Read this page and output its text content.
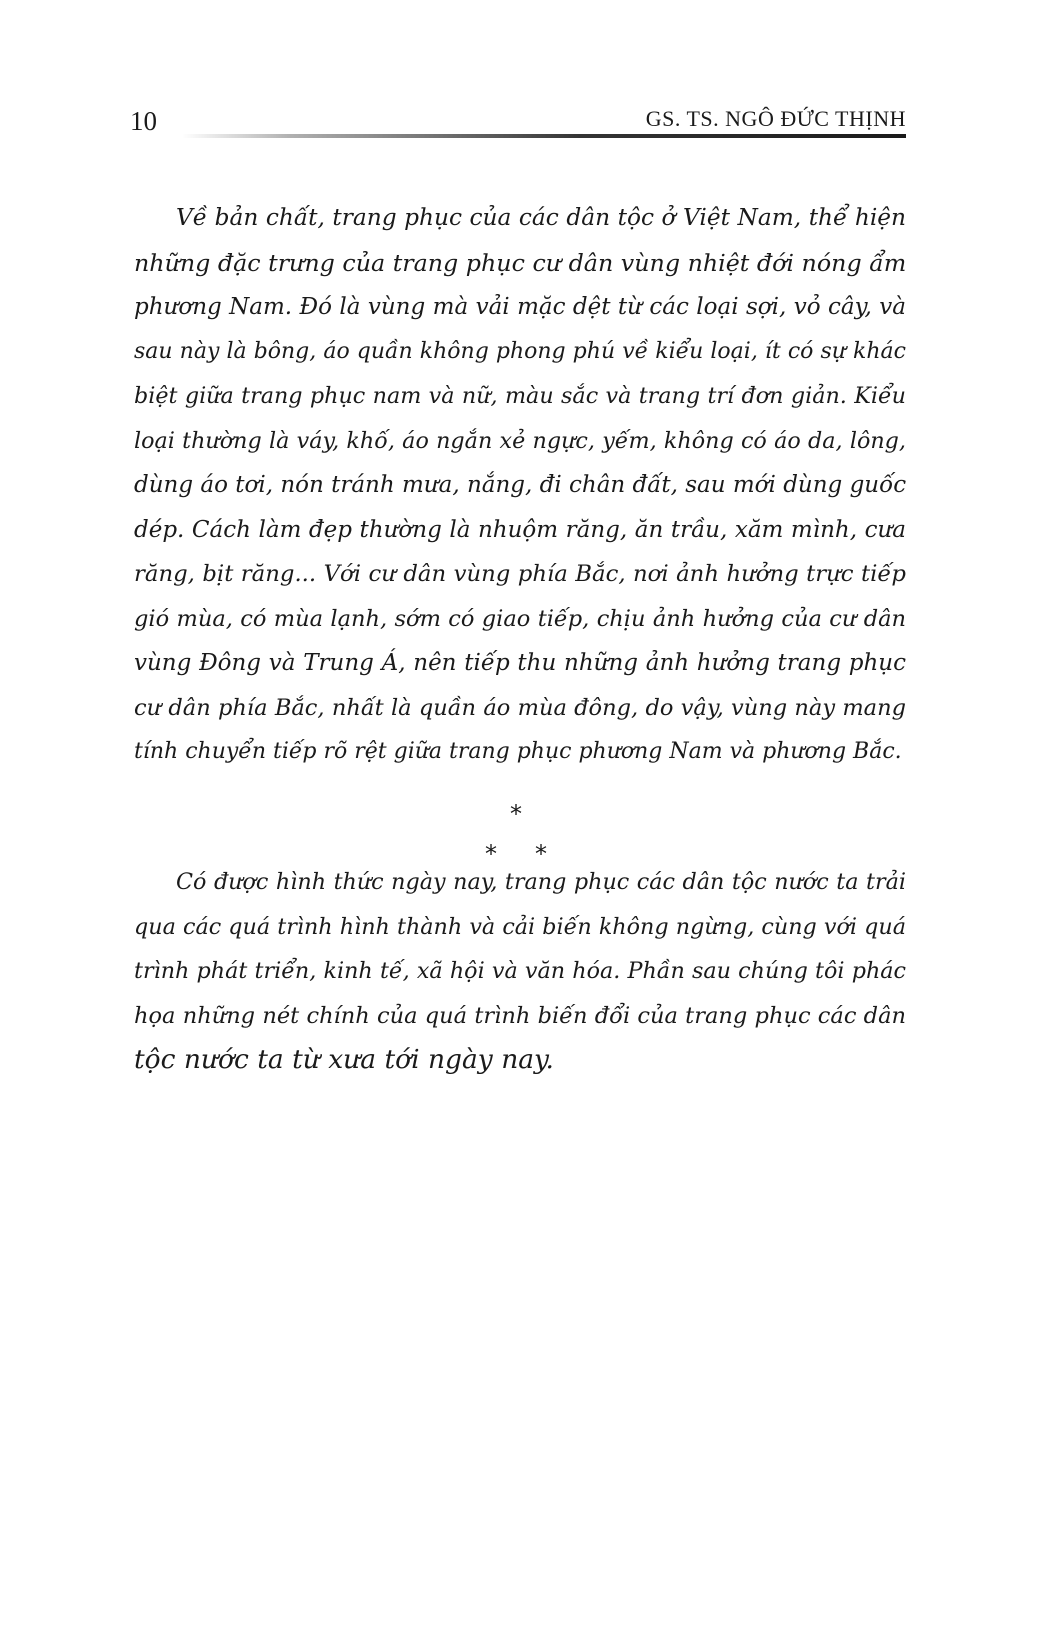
10	GS. TS. NGÔ ĐỨC THỊNH
Về bản chất, trang phục của các dân tộc ở Việt Nam, thể hiện
những đặc trưng của trang phục cư dân vùng nhiệt đới nóng ẩm
phương Nam. Đó là vùng mà vải mặc dệt từ các loại sợi, vỏ cây, và
sau này là bông, áo quần không phong phú về kiểu loại, ít có sự khác
biệt giữa trang phục nam và nữ, màu sắc và trang trí đơn giản. Kiểu
loại thường là váy, khố, áo ngắn xẻ ngực, yếm, không có áo da, lông,
dùng áo tơi, nón tránh mưa, nắng, đi chân đất, sau mới dùng guốc
dép. Cách làm đẹp thường là nhuộm răng, ăn trầu, xăm mình, cưa
răng, bịt răng... Với cư dân vùng phía Bắc, nơi ảnh hưởng trực tiếp
gió mùa, có mùa lạnh, sớm có giao tiếp, chịu ảnh hưởng của cư dân
vùng Đông và Trung Á, nên tiếp thu những ảnh hưởng trang phục
cư dân phía Bắc, nhất là quần áo mùa đông, do vậy, vùng này mang
tính chuyển tiếp rõ rệt giữa trang phục phương Nam và phương Bắc.
*
* *
Có được hình thức ngày nay, trang phục các dân tộc nước ta trải
qua các quá trình hình thành và cải biến không ngừng, cùng với quá
trình phát triển, kinh tế, xã hội và văn hóa. Phần sau chúng tôi phác
họa những nét chính của quá trình biến đổi của trang phục các dân
tộc nước ta từ xưa tới ngày nay.
